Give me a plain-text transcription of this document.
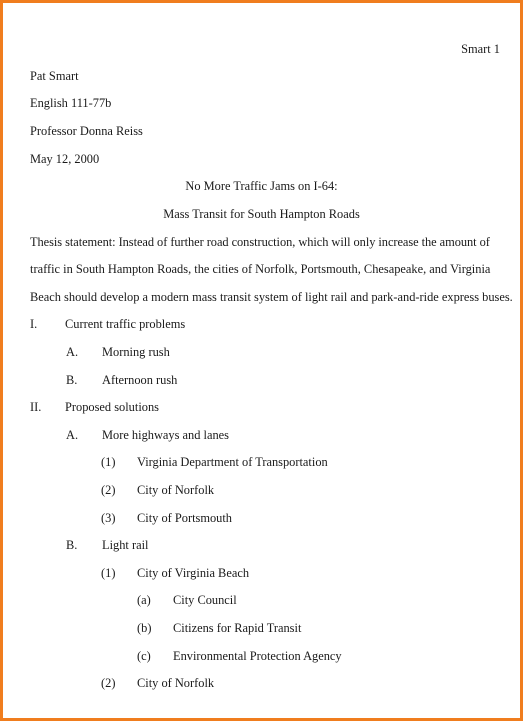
Smart 1
Pat Smart
English 111-77b
Professor Donna Reiss
May 12, 2000
No More Traffic Jams on I-64:
Mass Transit for South Hampton Roads
Thesis statement: Instead of further road construction, which will only increase the amount of
traffic in South Hampton Roads, the cities of Norfolk, Portsmouth, Chesapeake, and Virginia
Beach should develop a modern mass transit system of light rail and park-and-ride express buses.
I. Current traffic problems
A. Morning rush
B. Afternoon rush
II. Proposed solutions
A. More highways and lanes
(1) Virginia Department of Transportation
(2) City of Norfolk
(3) City of Portsmouth
B. Light rail
(1) City of Virginia Beach
(a) City Council
(b) Citizens for Rapid Transit
(c) Environmental Protection Agency
(2) City of Norfolk
